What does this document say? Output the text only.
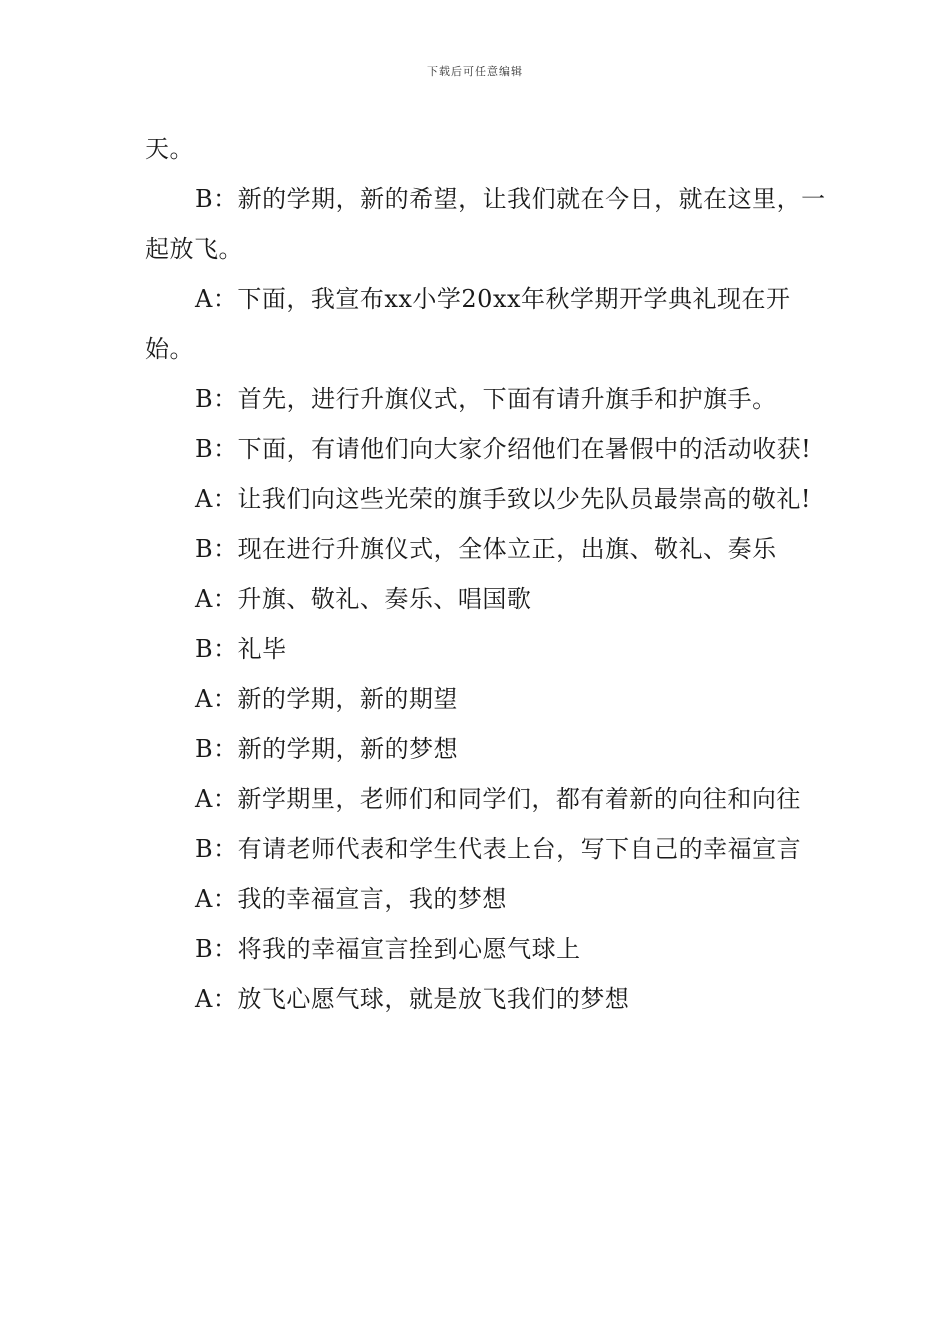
下载后可任意编辑

天。

B：新的学期，新的希望，让我们就在今日，就在这里，一起放飞。

A：下面，我宣布xx小学20xx年秋学期开学典礼现在开始。

B：首先，进行升旗仪式，下面有请升旗手和护旗手。

B：下面，有请他们向大家介绍他们在暑假中的活动收获!

A：让我们向这些光荣的旗手致以少先队员最崇高的敬礼!

B：现在进行升旗仪式，全体立正，出旗、敬礼、奏乐

A：升旗、敬礼、奏乐、唱国歌

B：礼毕

A：新的学期，新的期望

B：新的学期，新的梦想

A：新学期里，老师们和同学们，都有着新的向往和向往

B：有请老师代表和学生代表上台，写下自己的幸福宣言

A：我的幸福宣言，我的梦想

B：将我的幸福宣言拴到心愿气球上

A：放飞心愿气球，就是放飞我们的梦想
